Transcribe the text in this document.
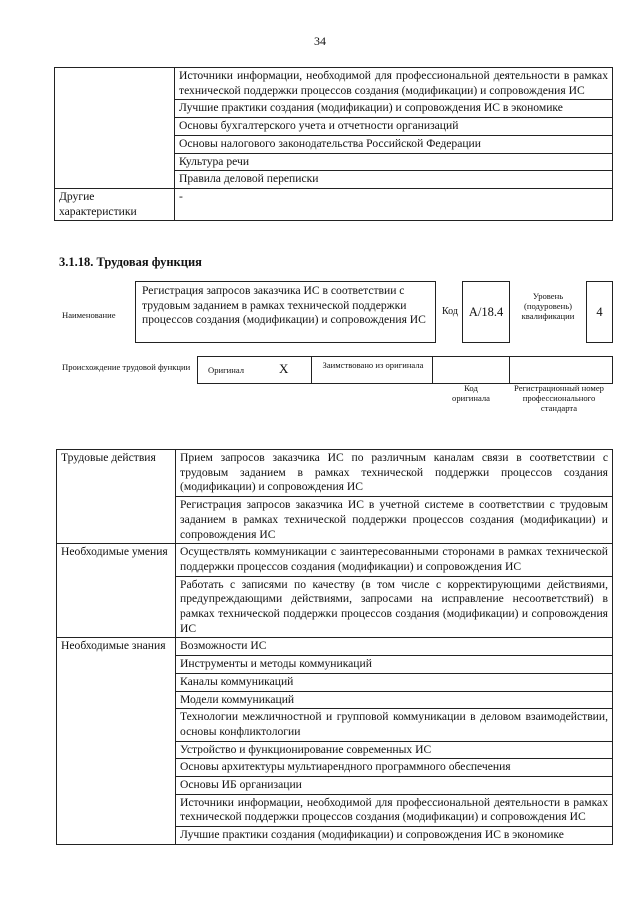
34
	Источники информации, необходимой для профессиональной деятельности в рамках технической поддержки процессов создания (модификации) и сопровождения ИС
	Лучшие практики создания (модификации) и сопровождения ИС в экономике
	Основы бухгалтерского учета и отчетности организаций
	Основы налогового законодательства Российской Федерации
	Культура речи
	Правила деловой переписки
Другие характеристики	-
3.1.18. Трудовая функция
Наименование
Регистрация запросов заказчика ИС в соответствии с трудовым заданием в рамках технической поддержки процессов создания (модификации) и сопровождения ИС
Код A/18.4
Уровень (подуровень) квалификации	4
Происхождение трудовой функции	Оригинал	X	Заимствовано из оригинала
Код оригинала
Регистрационный номер профессионального стандарта
Трудовые действия	Прием запросов заказчика ИС по различным каналам связи в соответствии с трудовым заданием в рамках технической поддержки процессов создания (модификации) и сопровождения ИС
	Регистрация запросов заказчика ИС в учетной системе в соответствии с трудовым заданием в рамках технической поддержки процессов создания (модификации) и сопровождения ИС
Необходимые умения	Осуществлять коммуникации с заинтересованными сторонами в рамках технической поддержки процессов создания (модификации) и сопровождения ИС
	Работать с записями по качеству (в том числе с корректирующими действиями, предупреждающими действиями, запросами на исправление несоответствий) в рамках технической поддержки процессов создания (модификации) и сопровождения ИС
Необходимые знания	Возможности ИС
	Инструменты и методы коммуникаций
	Каналы коммуникаций
	Модели коммуникаций
	Технологии межличностной и групповой коммуникации в деловом взаимодействии, основы конфликтологии
	Устройство и функционирование современных ИС
	Основы архитектуры мультиарендного программного обеспечения
	Основы ИБ организации
	Источники информации, необходимой для профессиональной деятельности в рамках технической поддержки процессов создания (модификации) и сопровождения ИС
	Лучшие практики создания (модификации) и сопровождения ИС в экономике
